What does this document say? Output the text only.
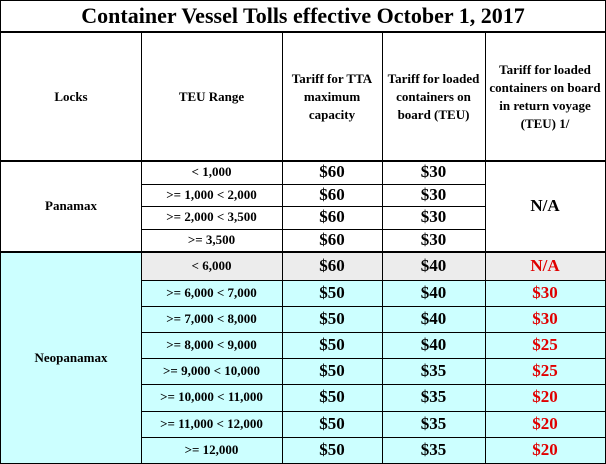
Container Vessel Tolls effective October 1, 2017
Locks	TEU Range
Tariff for TTA maximum capacity
Tariff for loaded containers on board (TEU)
Tariff for loaded containers on board in return voyage (TEU) 1/
Panamax
< 1,000	$60	$30
>= 1,000 < 2,000	$60	$30
>= 2,000 < 3,500	$60	$30
>= 3,500	$60	$30
N/A
Neopanamax
< 6,000	$60	$40	N/A
>= 6,000 < 7,000	$50	$40	$30
>= 7,000 < 8,000	$50	$40	$30
>= 8,000 < 9,000	$50	$40	$25
>= 9,000 < 10,000	$50	$35	$25
>= 10,000 < 11,000	$50	$35	$20
>= 11,000 < 12,000	$50	$35	$20
>= 12,000	$50	$35	$20
